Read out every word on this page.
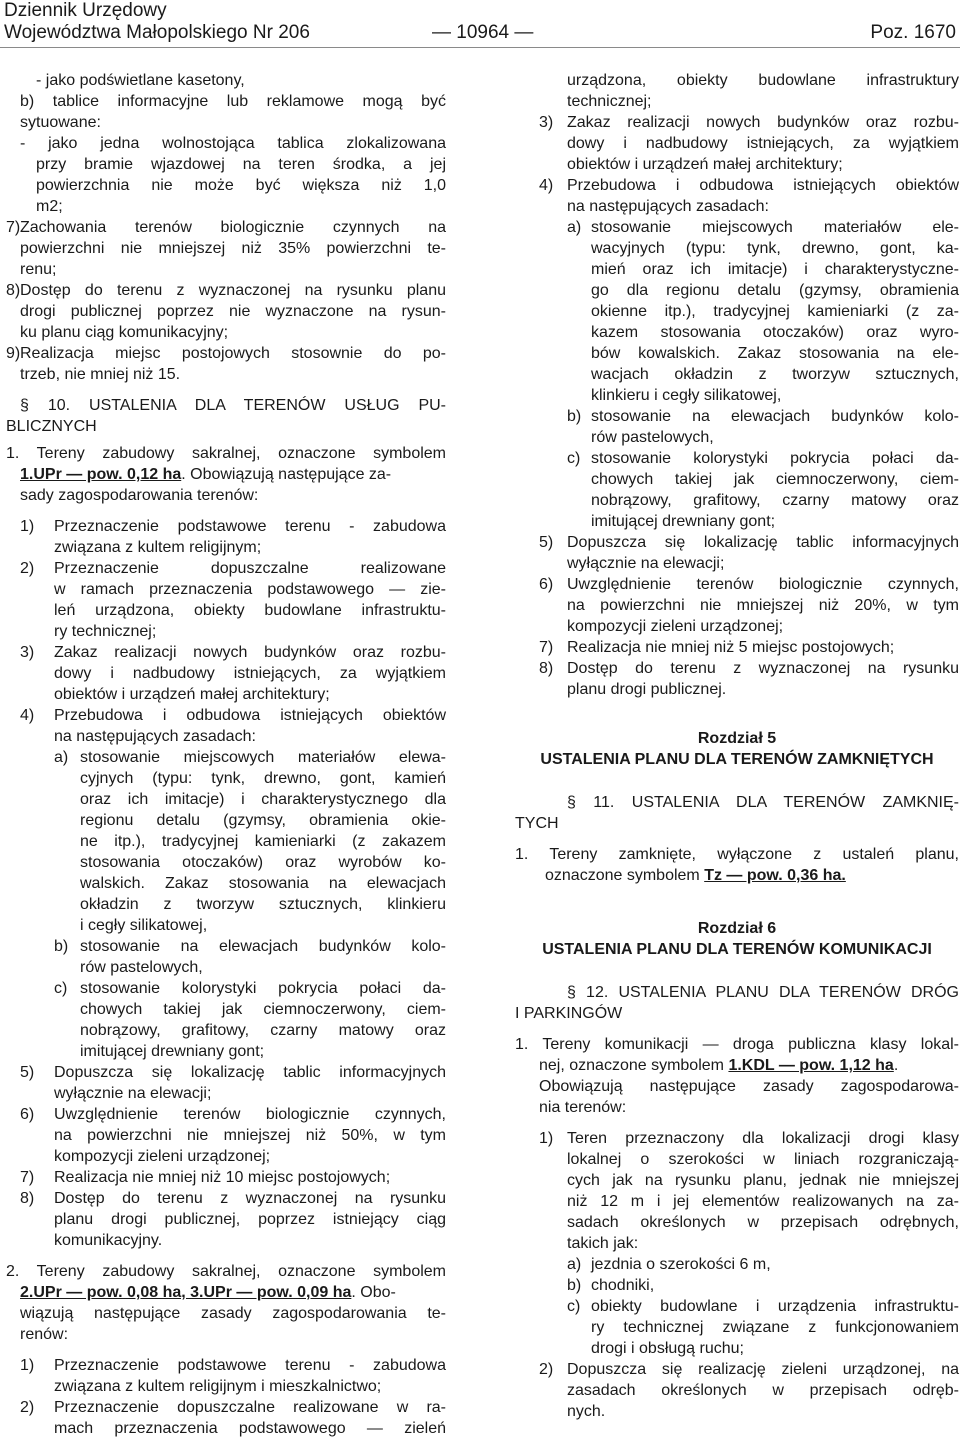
Dziennik Urzędowy
Województwa Małopolskiego Nr 206	— 10964 —	Poz. 1670
- jako podświetlane kasetony,
b) tablice informacyjne lub reklamowe mogą być
sytuowane:
- jako jedna wolnostojąca tablica zlokalizowana
przy bramie wjazdowej na teren środka, a jej
powierzchnia nie może być większa niż 1,0
m2;
7) Zachowania terenów biologicznie czynnych na
powierzchni nie mniejszej niż 35% powierzchni te-
renu;
8) Dostęp do terenu z wyznaczonej na rysunku planu
drogi publicznej poprzez nie wyznaczone na rysun-
ku planu ciąg komunikacyjny;
9) Realizacja miejsc postojowych stosownie do po-
trzeb, nie mniej niż 15.
§ 10. USTALENIA DLA TERENÓW USŁUG PU-
BLICZNYCH
1. Tereny zabudowy sakralnej, oznaczone symbolem
1.UPr — pow. 0,12 ha. Obowiązują następujące za-
sady zagospodarowania terenów:
1) Przeznaczenie podstawowe terenu - zabudowa
związana z kultem religijnym;
2) Przeznaczenie dopuszczalne realizowane
w ramach przeznaczenia podstawowego — zie-
leń urządzona, obiekty budowlane infrastruktu-
ry technicznej;
3) Zakaz realizacji nowych budynków oraz rozbu-
dowy i nadbudowy istniejących, za wyjątkiem
obiektów i urządzeń małej architektury;
4) Przebudowa i odbudowa istniejących obiektów
na następujących zasadach:
a) stosowanie miejscowych materiałów elewa-
cyjnych (typu: tynk, drewno, gont, kamień
oraz ich imitacje) i charakterystycznego dla
regionu detalu (gzymsy, obramienia okie-
ne itp.), tradycyjnej kamieniarki (z zakazem
stosowania otoczaków) oraz wyrobów ko-
walskich. Zakaz stosowania na elewacjach
okładzin z tworzyw sztucznych, klinkieru
i cegły silikatowej,
b) stosowanie na elewacjach budynków kolo-
rów pastelowych,
c) stosowanie kolorystyki pokrycia połaci da-
chowych takiej jak ciemnoczerwony, ciem-
nobrązowy, grafitowy, czarny matowy oraz
imitującej drewniany gont;
5) Dopuszcza się lokalizację tablic informacyjnych
wyłącznie na elewacji;
6) Uwzględnienie terenów biologicznie czynnych,
na powierzchni nie mniejszej niż 50%, w tym
kompozycji zieleni urządzonej;
7) Realizacja nie mniej niż 10 miejsc postojowych;
8) Dostęp do terenu z wyznaczonej na rysunku
planu drogi publicznej, poprzez istniejący ciąg
komunikacyjny.
2. Tereny zabudowy sakralnej, oznaczone symbolem
2.UPr — pow. 0,08 ha, 3.UPr — pow. 0,09 ha. Obo-
wiązują następujące zasady zagospodarowania te-
renów:
1) Przeznaczenie podstawowe terenu - zabudowa
związana z kultem religijnym i mieszkalnictwo;
2) Przeznaczenie dopuszczalne realizowane w ra-
mach przeznaczenia podstawowego — zieleń
urządzona, obiekty budowlane infrastruktury
technicznej;
3) Zakaz realizacji nowych budynków oraz rozbu-
dowy i nadbudowy istniejących, za wyjątkiem
obiektów i urządzeń małej architektury;
4) Przebudowa i odbudowa istniejących obiektów
na następujących zasadach:
a) stosowanie miejscowych materiałów ele-
wacyjnych (typu: tynk, drewno, gont, ka-
mień oraz ich imitacje) i charakterystyczne-
go dla regionu detalu (gzymsy, obramienia
okienne itp.), tradycyjnej kamieniarki (z za-
kazem stosowania otoczaków) oraz wyro-
bów kowalskich. Zakaz stosowania na ele-
wacjach okładzin z tworzyw sztucznych,
klinkieru i cegły silikatowej,
b) stosowanie na elewacjach budynków kolo-
rów pastelowych,
c) stosowanie kolorystyki pokrycia połaci da-
chowych takiej jak ciemnoczerwony, ciem-
nobrązowy, grafitowy, czarny matowy oraz
imitującej drewniany gont;
5) Dopuszcza się lokalizację tablic informacyjnych
wyłącznie na elewacji;
6) Uwzględnienie terenów biologicznie czynnych,
na powierzchni nie mniejszej niż 20%, w tym
kompozycji zieleni urządzonej;
7) Realizacja nie mniej niż 5 miejsc postojowych;
8) Dostęp do terenu z wyznaczonej na rysunku
planu drogi publicznej.
Rozdział 5
USTALENIA PLANU DLA TERENÓW ZAMKNIĘTYCH
§ 11. USTALENIA DLA TERENÓW ZAMKNIĘ-
TYCH
1. Tereny zamknięte, wyłączone z ustaleń planu,
oznaczone symbolem Tz — pow. 0,36 ha.
Rozdział 6
USTALENIA PLANU DLA TERENÓW KOMUNIKACJI
§ 12. USTALENIA PLANU DLA TERENÓW DRÓG
I PARKINGÓW
1. Tereny komunikacji — droga publiczna klasy lokal-
nej, oznaczone symbolem 1.KDL — pow. 1,12 ha.
Obowiązują następujące zasady zagospodarowa-
nia terenów:
1) Teren przeznaczony dla lokalizacji drogi klasy
lokalnej o szerokości w liniach rozgraniczają-
cych jak na rysunku planu, jednak nie mniejszej
niż 12 m i jej elementów realizowanych na za-
sadach określonych w przepisach odrębnych,
takich jak:
a) jezdnia o szerokości 6 m,
b) chodniki,
c) obiekty budowlane i urządzenia infrastruktu-
ry technicznej związane z funkcjonowaniem
drogi i obsługą ruchu;
2) Dopuszcza się realizację zieleni urządzonej, na
zasadach określonych w przepisach odręb-
nych.
